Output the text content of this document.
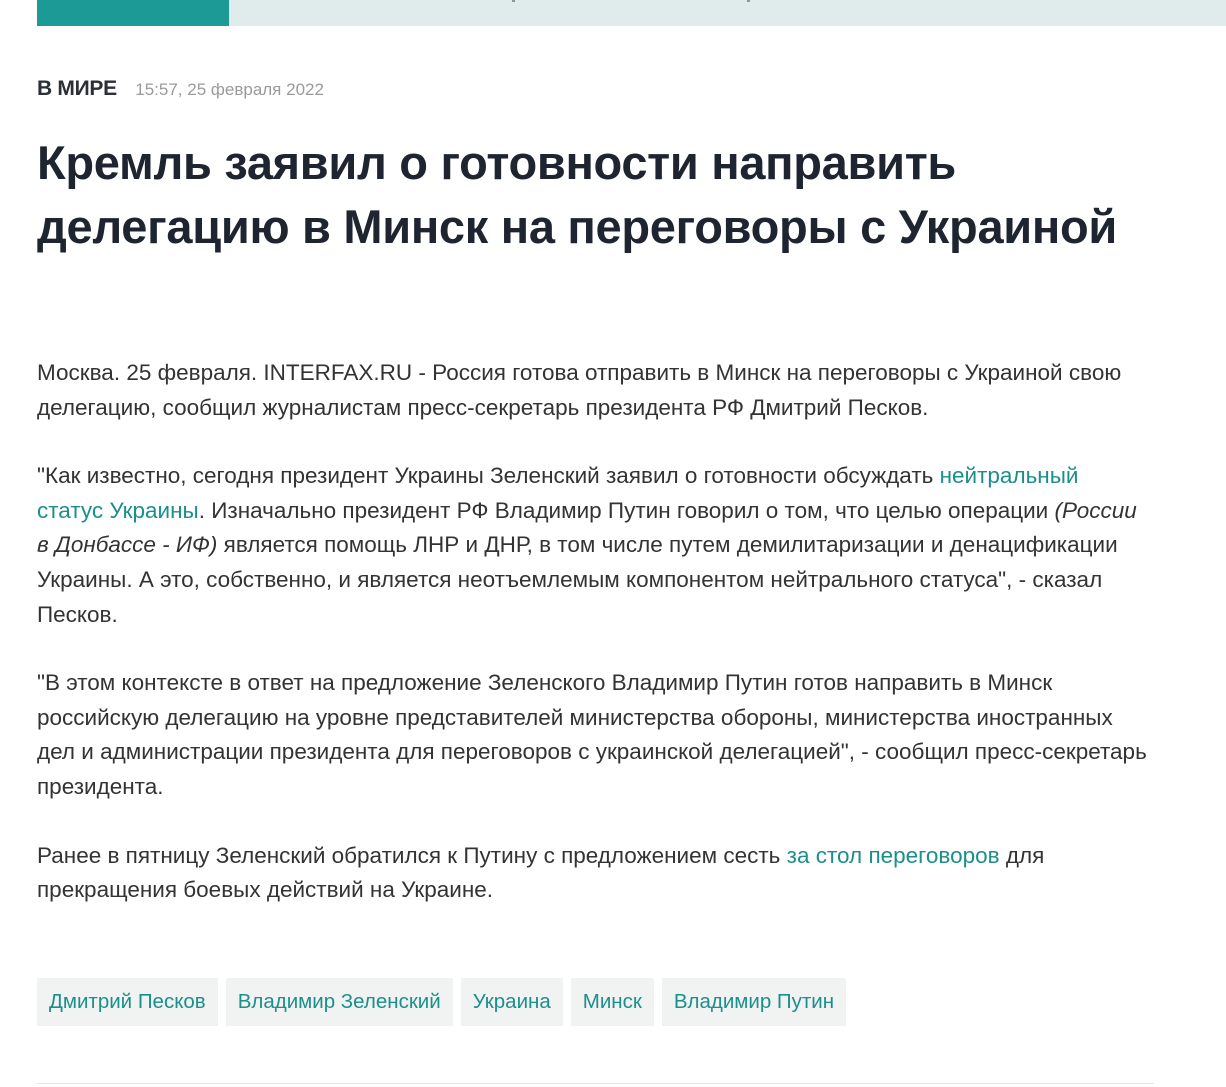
В МИРЕ 15:57, 25 февраля 2022
Кремль заявил о готовности направить делегацию в Минск на переговоры с Украиной

Москва. 25 февраля. INTERFAX.RU - Россия готова отправить в Минск на переговоры с Украиной свою делегацию, сообщил журналистам пресс-секретарь президента РФ Дмитрий Песков.

"Как известно, сегодня президент Украины Зеленский заявил о готовности обсуждать нейтральный статус Украины. Изначально президент РФ Владимир Путин говорил о том, что целью операции (России в Донбассе - ИФ) является помощь ЛНР и ДНР, в том числе путем демилитаризации и денацификации Украины. А это, собственно, и является неотъемлемым компонентом нейтрального статуса", - сказал Песков.

"В этом контексте в ответ на предложение Зеленского Владимир Путин готов направить в Минск российскую делегацию на уровне представителей министерства обороны, министерства иностранных дел и администрации президента для переговоров с украинской делегацией", - сообщил пресс-секретарь президента.

Ранее в пятницу Зеленский обратился к Путину с предложением сесть за стол переговоров для прекращения боевых действий на Украине.

Дмитрий Песков	Владимир Зеленский	Украина	Минск	Владимир Путин
